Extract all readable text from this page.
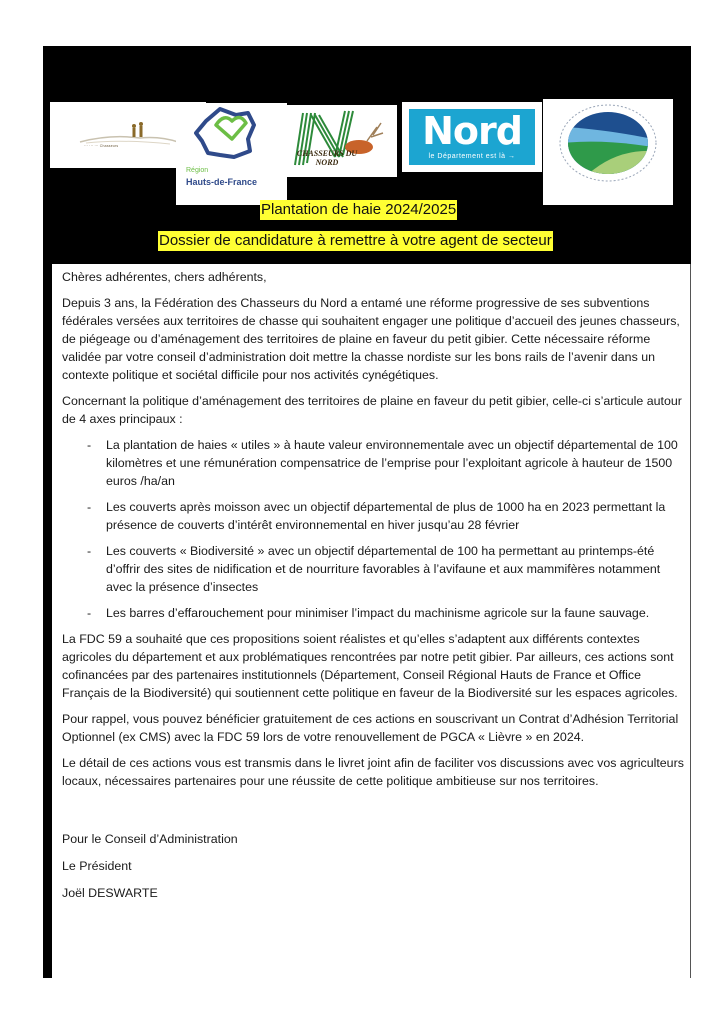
··· ··· ··· Chasseurs
Région
Hauts-de-France
CHASSEURS DU
NORD
Nord
le Département est là →
Plantation de haie 2024/2025
Dossier de candidature à remettre à votre agent de secteur

Chères adhérentes, chers adhérents,

Depuis 3 ans, la Fédération des Chasseurs du Nord a entamé une réforme progressive de ses subventions fédérales versées aux territoires de chasse qui souhaitent engager une politique d’accueil des jeunes chasseurs, de piégeage ou d’aménagement des territoires de plaine en faveur du petit gibier. Cette nécessaire réforme validée par votre conseil d’administration doit mettre la chasse nordiste sur les bons rails de l’avenir dans un contexte politique et sociétal difficile pour nos activités cynégétiques.

Concernant la politique d’aménagement des territoires de plaine en faveur du petit gibier, celle-ci s’articule autour de 4 axes principaux :

- La plantation de haies « utiles » à haute valeur environnementale avec un objectif départemental de 100 kilomètres et une rémunération compensatrice de l’emprise pour l’exploitant agricole à hauteur de 1500 euros /ha/an
- Les couverts après moisson avec un objectif départemental de plus de 1000 ha en 2023 permettant la présence de couverts d’intérêt environnemental en hiver jusqu’au 28 février
- Les couverts « Biodiversité » avec un objectif départemental de 100 ha permettant au printemps-été d’offrir des sites de nidification et de nourriture favorables à l’avifaune et aux mammifères notamment avec la présence d’insectes
- Les barres d’effarouchement pour minimiser l’impact du machinisme agricole sur la faune sauvage.

La FDC 59 a souhaité que ces propositions soient réalistes et qu’elles s’adaptent aux différents contextes agricoles du département et aux problématiques rencontrées par notre petit gibier. Par ailleurs, ces actions sont cofinancées par des partenaires institutionnels (Département, Conseil Régional Hauts de France et Office Français de la Biodiversité) qui soutiennent cette politique en faveur de la Biodiversité sur les espaces agricoles.

Pour rappel, vous pouvez bénéficier gratuitement de ces actions en souscrivant un Contrat d’Adhésion Territorial Optionnel (ex CMS) avec la FDC 59 lors de votre renouvellement de PGCA « Lièvre » en 2024.

Le détail de ces actions vous est transmis dans le livret joint afin de faciliter vos discussions avec vos agriculteurs locaux, nécessaires partenaires pour une réussite de cette politique ambitieuse sur nos territoires.

Pour le Conseil d’Administration
Le Président
Joël DESWARTE
